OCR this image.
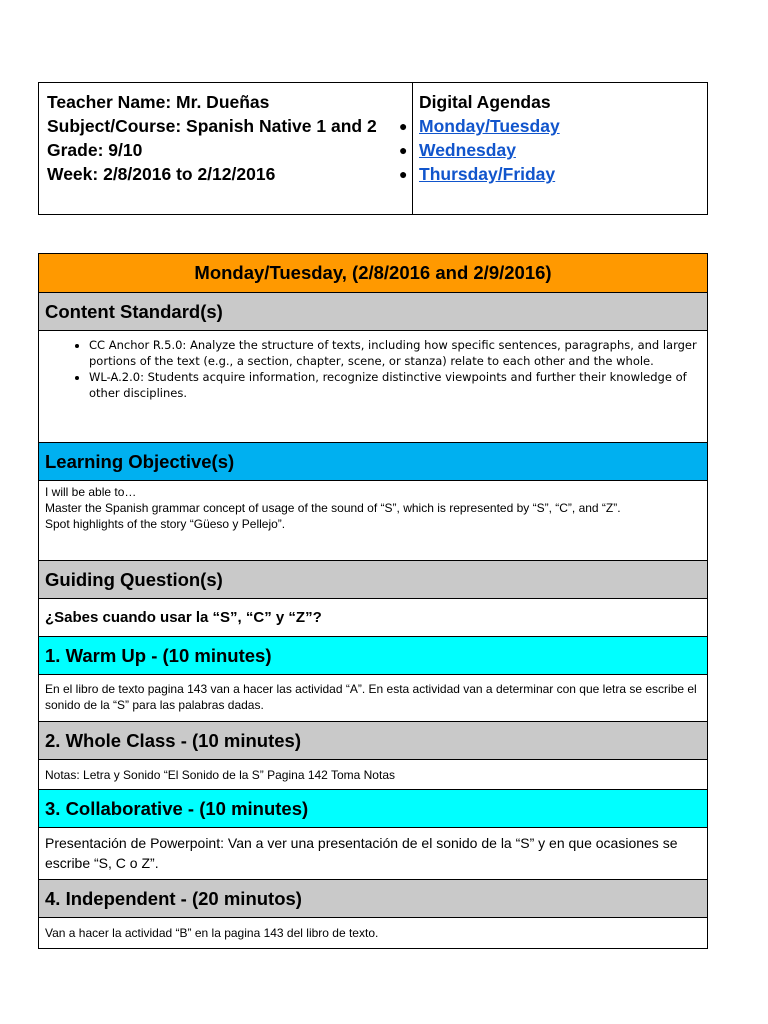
Teacher Name: Mr. Dueñas
Subject/Course: Spanish Native 1 and 2
Grade: 9/10
Week: 2/8/2016 to 2/12/2016
Digital Agendas
● Monday/Tuesday
● Wednesday
● Thursday/Friday
Monday/Tuesday, (2/8/2016 and 2/9/2016)
Content Standard(s)
• CC Anchor R.5.0: Analyze the structure of texts, including how specific sentences, paragraphs, and larger portions of the text (e.g., a section, chapter, scene, or stanza) relate to each other and the whole.
• WL-A.2.0: Students acquire information, recognize distinctive viewpoints and further their knowledge of other disciplines.
Learning Objective(s)
I will be able to…
Master the Spanish grammar concept of usage of the sound of “S”, which is represented by “S”, “C”, and “Z”.
Spot highlights of the story “Güeso y Pellejo”.
Guiding Question(s)
¿Sabes cuando usar la “S”, “C” y “Z”?
1. Warm Up - (10 minutes)
En el libro de texto pagina 143 van a hacer las actividad “A”. En esta actividad van a determinar con que letra se escribe el sonido de la “S” para las palabras dadas.
2. Whole Class - (10 minutes)
Notas: Letra y Sonido “El Sonido de la S” Pagina 142 Toma Notas
3. Collaborative - (10 minutes)
Presentación de Powerpoint: Van a ver una presentación de el sonido de la “S” y en que ocasiones se escribe “S, C o Z”.
4. Independent - (20 minutos)
Van a hacer la actividad “B” en la pagina 143 del libro de texto.
